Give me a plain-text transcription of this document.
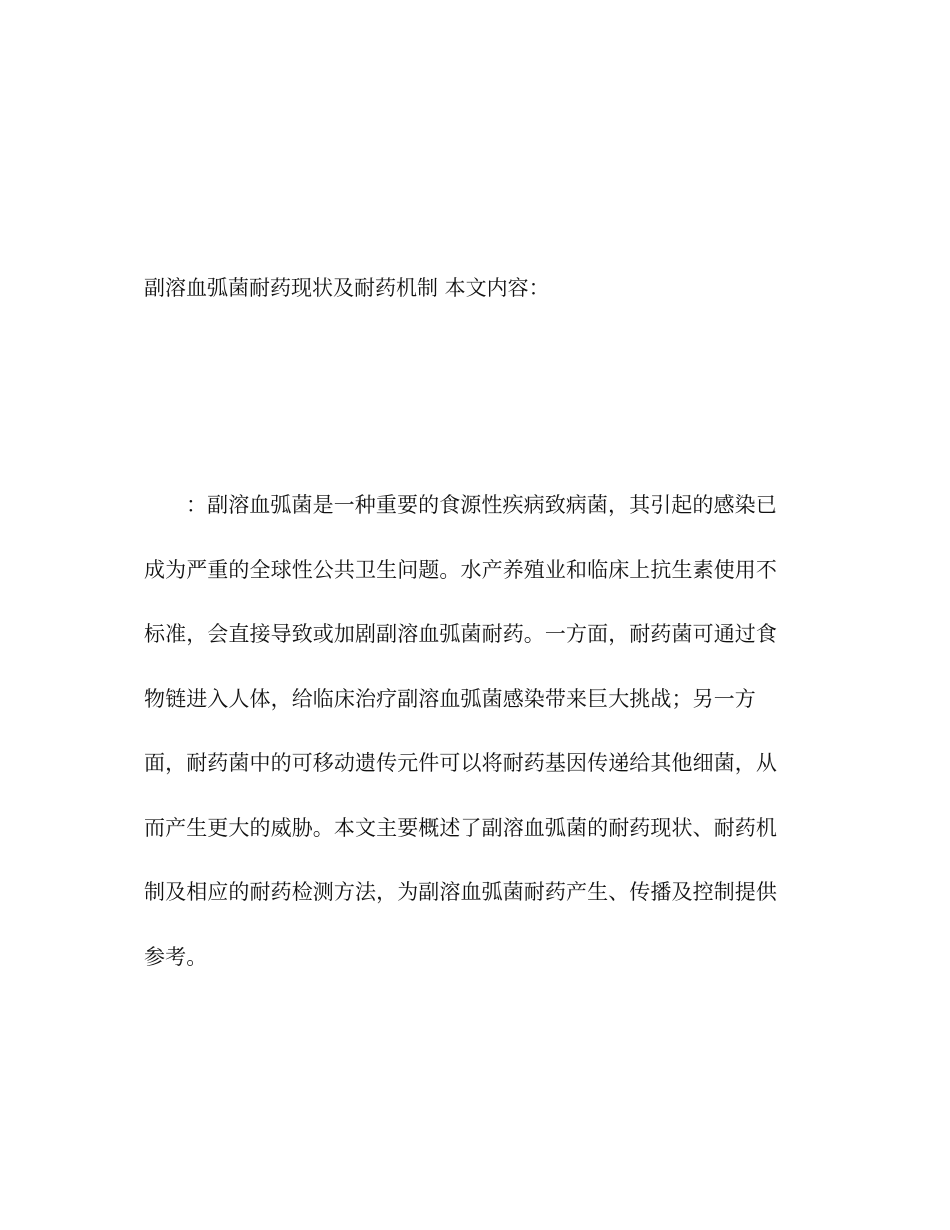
副溶血弧菌耐药现状及耐药机制 本文内容：
：副溶血弧菌是一种重要的食源性疾病致病菌，其引起的感染已
成为严重的全球性公共卫生问题。水产养殖业和临床上抗生素使用不
标准，会直接导致或加剧副溶血弧菌耐药。一方面，耐药菌可通过食
物链进入人体，给临床治疗副溶血弧菌感染带来巨大挑战；另一方
面，耐药菌中的可移动遗传元件可以将耐药基因传递给其他细菌，从
而产生更大的威胁。本文主要概述了副溶血弧菌的耐药现状、耐药机
制及相应的耐药检测方法，为副溶血弧菌耐药产生、传播及控制提供
参考。
